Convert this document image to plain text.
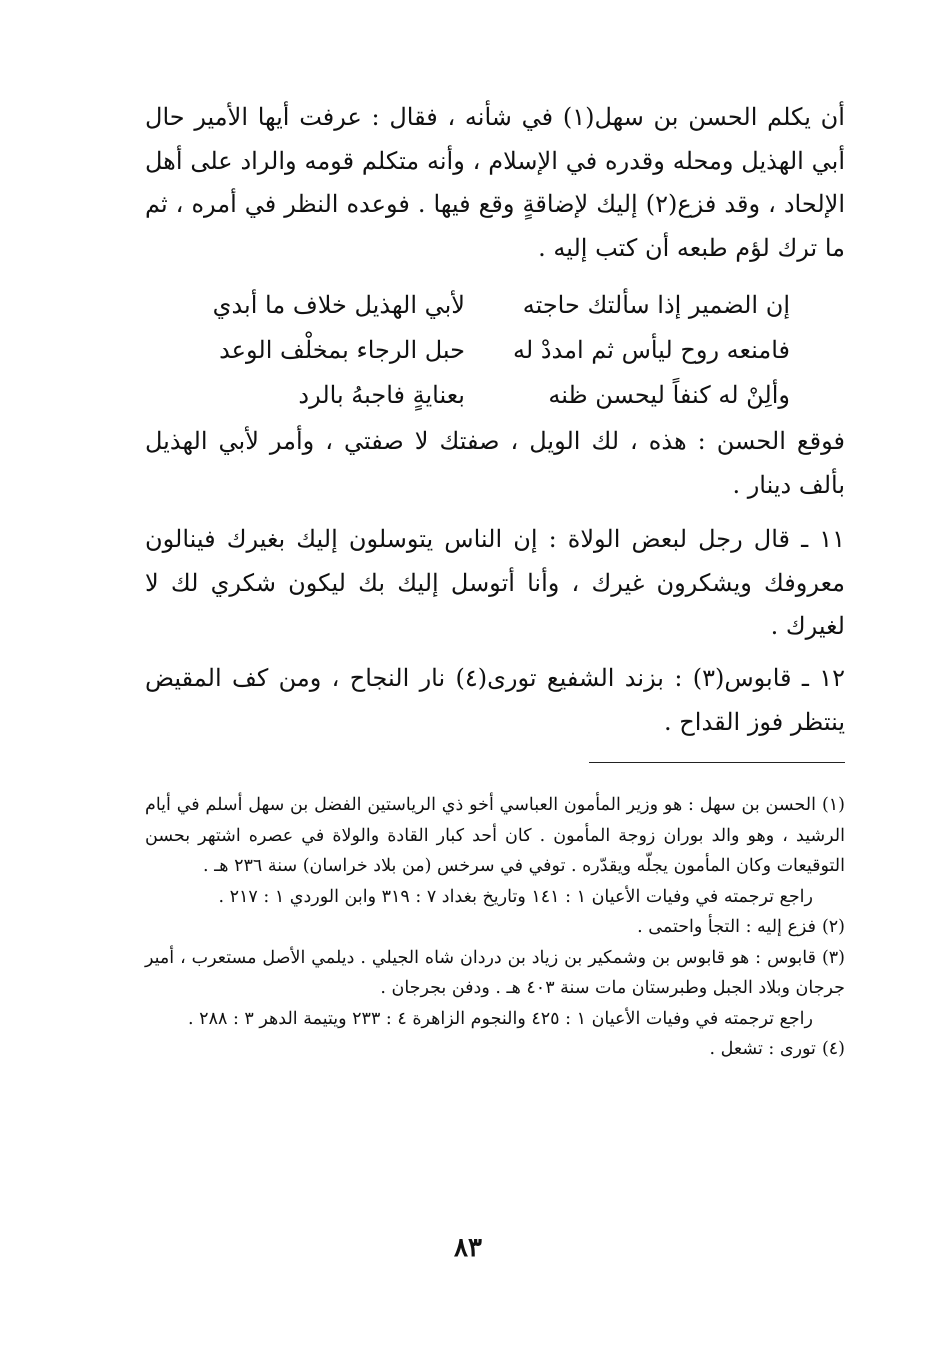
أن يكلم الحسن بن سهل(١) في شأنه ، فقال : عرفت أيها الأمير حال أبي الهذيل ومحله وقدره في الإسلام ، وأنه متكلم قومه والراد على أهل الإلحاد ، وقد فزع(٢) إليك لإضاقةٍ وقع فيها . فوعده النظر في أمره ، ثم ما ترك لؤم طبعه أن كتب إليه .

إن الضمير إذا سألتك حاجته
لأبي الهذيل خلاف ما أبدي
فامنعه روح ليأس ثم امددْ له
حبل الرجاء بمخلْف الوعد
وألِنْ له كنفاً ليحسن ظنه
بعنايةٍ فاجبهُ بالرد

فوقع الحسن : هذه ، لك الويل ، صفتك لا صفتي ، وأمر لأبي الهذيل بألف دينار .

١١ ـ قال رجل لبعض الولاة : إن الناس يتوسلون إليك بغيرك فينالون معروفك ويشكرون غيرك ، وأنا أتوسل إليك بك ليكون شكري لك لا لغيرك .

١٢ ـ قابوس(٣) : بزند الشفيع تورى(٤) نار النجاح ، ومن كف المقيض ينتظر فوز القداح .

(١)الحسن بن سهل : هو وزير المأمون العباسي أخو ذي الرياستين الفضل بن سهل أسلم في أيام الرشيد ، وهو والد بوران زوجة المأمون . كان أحد كبار القادة والولاة في عصره اشتهر بحسن التوقيعات وكان المأمون يجلّه ويقدّره . توفي في سرخس (من بلاد خراسان) سنة ٢٣٦ هـ .

راجع ترجمته في وفيات الأعيان ١ : ١٤١ وتاريخ بغداد ٧ : ٣١٩ وابن الوردي ١ : ٢١٧ .

(٢)فزع إليه : التجأ واحتمى .

(٣)قابوس : هو قابوس بن وشمكير بن زياد بن دردان شاه الجيلي . ديلمي الأصل مستعرب ، أمير جرجان وبلاد الجبل وطبرستان مات سنة ٤٠٣ هـ . ودفن بجرجان .

راجع ترجمته في وفيات الأعيان ١ : ٤٢٥ والنجوم الزاهرة ٤ : ٢٣٣ ويتيمة الدهر ٣ : ٢٨٨ .

(٤)تورى : تشعل .

٨٣
